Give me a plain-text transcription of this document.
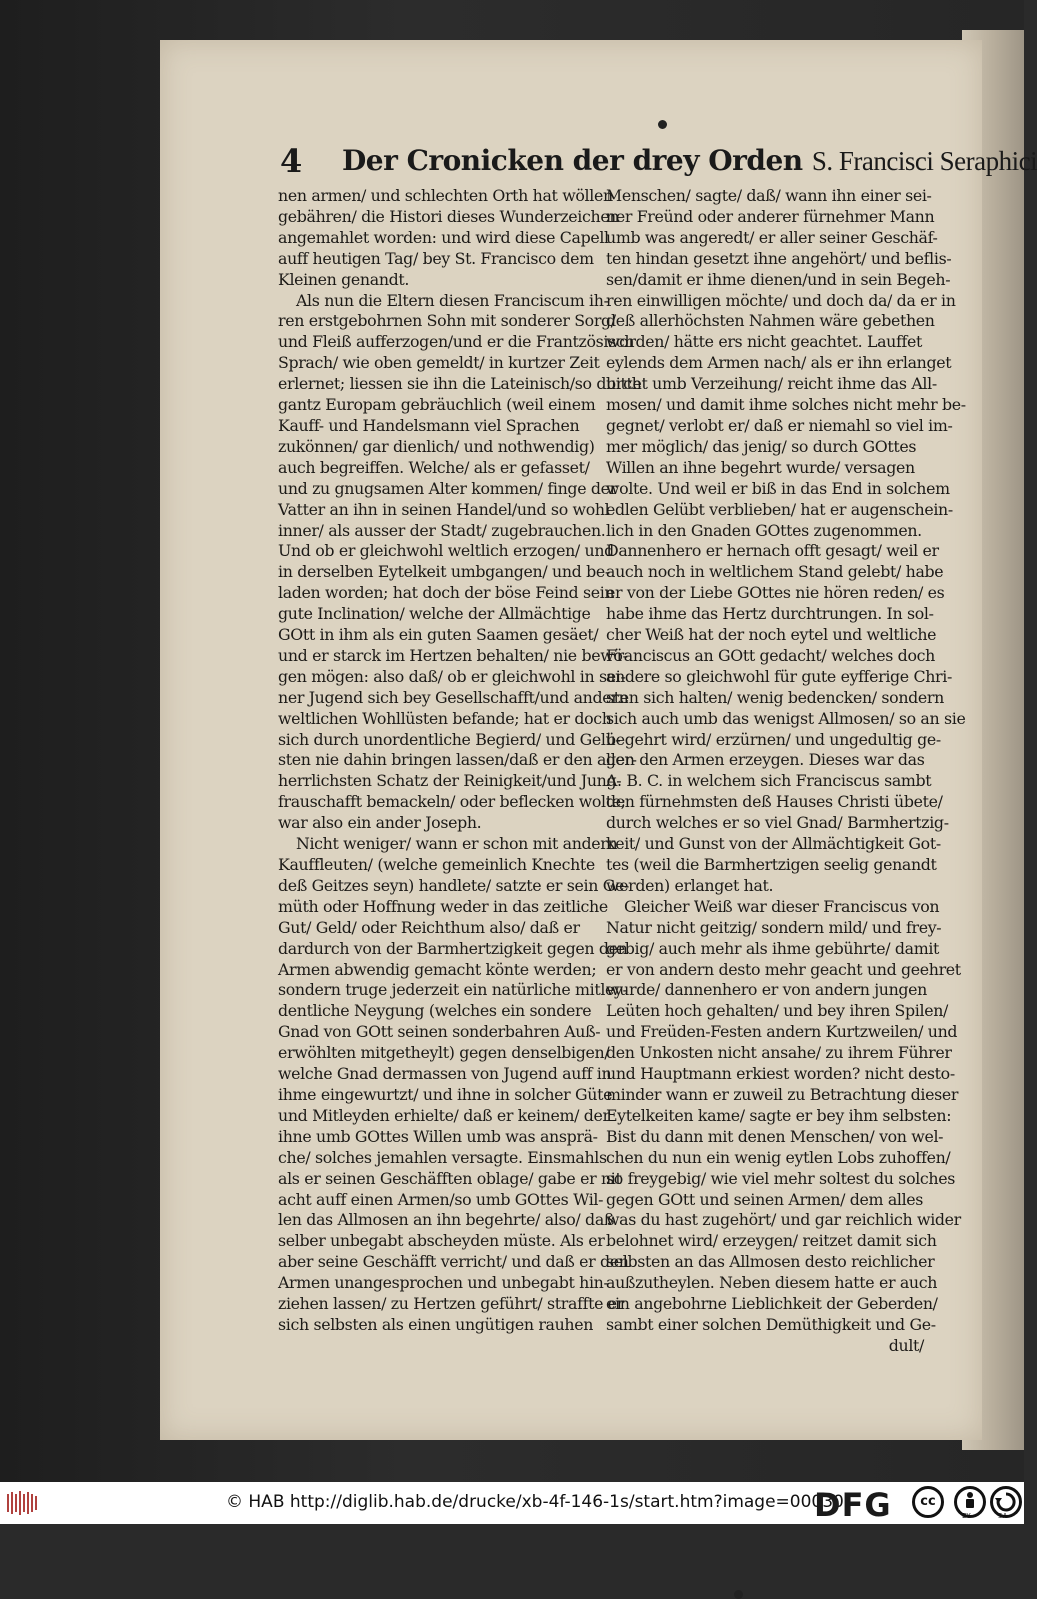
4 Der Cronicken der drey Orden S. Francisci Seraphici
nen armen/ und schlechten Orth hat wöllen
gebähren/ die Histori dieses Wunderzeichen
angemahlet worden: und wird diese Capell
auff heutigen Tag/ bey St. Francisco dem
Kleinen genandt.
Als nun die Eltern diesen Franciscum ih-
ren erstgebohrnen Sohn mit sonderer Sorg/
und Fleiß aufferzogen/und er die Frantzösisch
Sprach/ wie oben gemeldt/ in kurtzer Zeit
erlernet; liessen sie ihn die Lateinisch/so durch
gantz Europam gebräuchlich (weil einem
Kauff- und Handelsmann viel Sprachen
zukönnen/ gar dienlich/ und nothwendig)
auch begreiffen. Welche/ als er gefasset/
und zu gnugsamen Alter kommen/ finge der
Vatter an ihn in seinen Handel/und so wohl
inner/ als ausser der Stadt/ zugebrauchen.
Und ob er gleichwohl weltlich erzogen/ und
in derselben Eytelkeit umbgangen/ und be-
laden worden; hat doch der böse Feind sein
gute Inclination/ welche der Allmächtige
GOtt in ihm als ein guten Saamen gesäet/
und er starck im Hertzen behalten/ nie bewö-
gen mögen: also daß/ ob er gleichwohl in sei-
ner Jugend sich bey Gesellschafft/und andern
weltlichen Wohllüsten befande; hat er doch
sich durch unordentliche Begierd/ und Gelü-
sten nie dahin bringen lassen/daß er den aller-
herrlichsten Schatz der Reinigkeit/und Jung-
frauschafft bemackeln/ oder beflecken wolte;
war also ein ander Joseph.
Nicht weniger/ wann er schon mit andern
Kauffleuten/ (welche gemeinlich Knechte
deß Geitzes seyn) handlete/ satzte er sein Ge-
müth oder Hoffnung weder in das zeitliche
Gut/ Geld/ oder Reichthum also/ daß er
dardurch von der Barmhertzigkeit gegen den
Armen abwendig gemacht könte werden;
sondern truge jederzeit ein natürliche mitley-
dentliche Neygung (welches ein sondere
Gnad von GOtt seinen sonderbahren Auß-
erwöhlten mitgetheylt) gegen denselbigen/
welche Gnad dermassen von Jugend auff in
ihme eingewurtzt/ und ihne in solcher Güte
und Mitleyden erhielte/ daß er keinem/ der
ihne umb GOttes Willen umb was ansprä-
che/ solches jemahlen versagte. Einsmahls
als er seinen Geschäfften oblage/ gabe er nit
acht auff einen Armen/so umb GOttes Wil-
len das Allmosen an ihn begehrte/ also/ daß
selber unbegabt abscheyden müste. Als er
aber seine Geschäfft verricht/ und daß er den
Armen unangesprochen und unbegabt hin-
ziehen lassen/ zu Hertzen geführt/ straffte er
sich selbsten als einen ungütigen rauhen
Menschen/ sagte/ daß/ wann ihn einer sei-
ner Freünd oder anderer fürnehmer Mann
umb was angeredt/ er aller seiner Geschäf-
ten hindan gesetzt ihne angehört/ und beflis-
sen/damit er ihme dienen/und in sein Begeh-
ren einwilligen möchte/ und doch da/ da er in
deß allerhöchsten Nahmen wäre gebethen
worden/ hätte ers nicht geachtet. Lauffet
eylends dem Armen nach/ als er ihn erlanget
bittet umb Verzeihung/ reicht ihme das All-
mosen/ und damit ihme solches nicht mehr be-
gegnet/ verlobt er/ daß er niemahl so viel im-
mer möglich/ das jenig/ so durch GOttes
Willen an ihne begehrt wurde/ versagen
wolte. Und weil er biß in das End in solchem
edlen Gelübt verblieben/ hat er augenschein-
lich in den Gnaden GOttes zugenommen.
Dannenhero er hernach offt gesagt/ weil er
auch noch in weltlichem Stand gelebt/ habe
er von der Liebe GOttes nie hören reden/ es
habe ihme das Hertz durchtrungen. In sol-
cher Weiß hat der noch eytel und weltliche
Franciscus an GOtt gedacht/ welches doch
andere so gleichwohl für gute eyfferige Chri-
sten sich halten/ wenig bedencken/ sondern
sich auch umb das wenigst Allmosen/ so an sie
begehrt wird/ erzürnen/ und ungedultig ge-
gen den Armen erzeygen. Dieses war das
A. B. C. in welchem sich Franciscus sambt
den fürnehmsten deß Hauses Christi übete/
durch welches er so viel Gnad/ Barmhertzig-
keit/ und Gunst von der Allmächtigkeit Got-
tes (weil die Barmhertzigen seelig genandt
werden) erlanget hat.
Gleicher Weiß war dieser Franciscus von
Natur nicht geitzig/ sondern mild/ und frey-
gebig/ auch mehr als ihme gebührte/ damit
er von andern desto mehr geacht und geehret
wurde/ dannenhero er von andern jungen
Leüten hoch gehalten/ und bey ihren Spilen/
und Freüden-Festen andern Kurtzweilen/ und
den Unkosten nicht ansahe/ zu ihrem Führer
und Hauptmann erkiest worden? nicht desto-
minder wann er zuweil zu Betrachtung dieser
Eytelkeiten kame/ sagte er bey ihm selbsten:
Bist du dann mit denen Menschen/ von wel-
chen du nun ein wenig eytlen Lobs zuhoffen/
so freygebig/ wie viel mehr soltest du solches
gegen GOtt und seinen Armen/ dem alles
was du hast zugehört/ und gar reichlich wider
belohnet wird/ erzeygen/ reitzet damit sich
selbsten an das Allmosen desto reichlicher
außzutheylen. Neben diesem hatte er auch
ein angebohrne Lieblichkeit der Geberden/
sambt einer solchen Demüthigkeit und Ge-
dult/
© HAB http://diglib.hab.de/drucke/xb-4f-146-1s/start.htm?image=00030
DFG	cc
BY	SA
